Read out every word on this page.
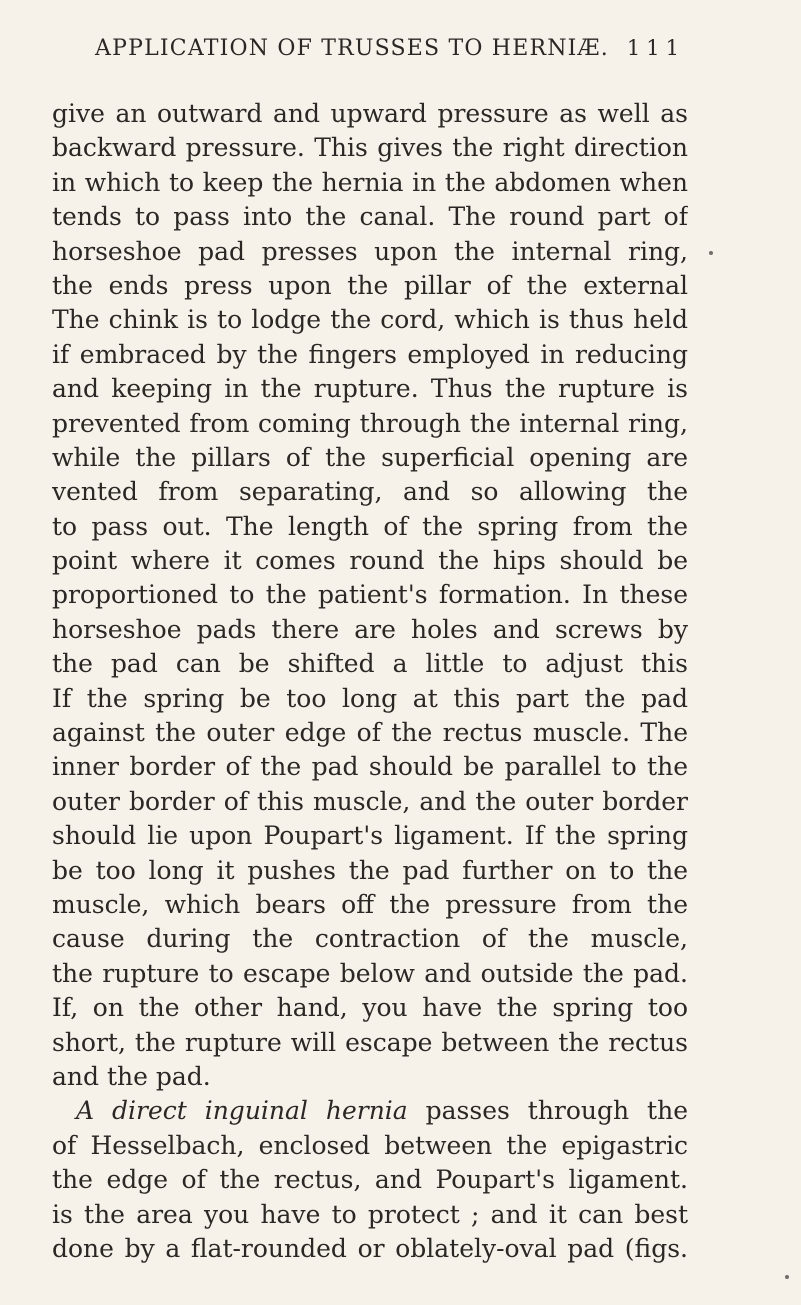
APPLICATION OF TRUSSES TO HERNIÆ. 111
give an outward and upward pressure as well as
backward pressure. This gives the right direction
in which to keep the hernia in the abdomen when
tends to pass into the canal. The round part of
horseshoe pad presses upon the internal ring,
the ends press upon the pillar of the external
The chink is to lodge the cord, which is thus held
if embraced by the fingers employed in reducing
and keeping in the rupture. Thus the rupture is
prevented from coming through the internal ring,
while the pillars of the superficial opening are
vented from separating, and so allowing the
to pass out. The length of the spring from the
point where it comes round the hips should be
proportioned to the patient's formation. In these
horseshoe pads there are holes and screws by
the pad can be shifted a little to adjust this
If the spring be too long at this part the pad
against the outer edge of the rectus muscle. The
inner border of the pad should be parallel to the
outer border of this muscle, and the outer border
should lie upon Poupart's ligament. If the spring
be too long it pushes the pad further on to the
muscle, which bears off the pressure from the
cause during the contraction of the muscle,
the rupture to escape below and outside the pad.
If, on the other hand, you have the spring too
short, the rupture will escape between the rectus
and the pad.
A direct inguinal hernia passes through the
of Hesselbach, enclosed between the epigastric
the edge of the rectus, and Poupart's ligament.
is the area you have to protect ; and it can best
done by a flat-rounded or oblately-oval pad (figs.
